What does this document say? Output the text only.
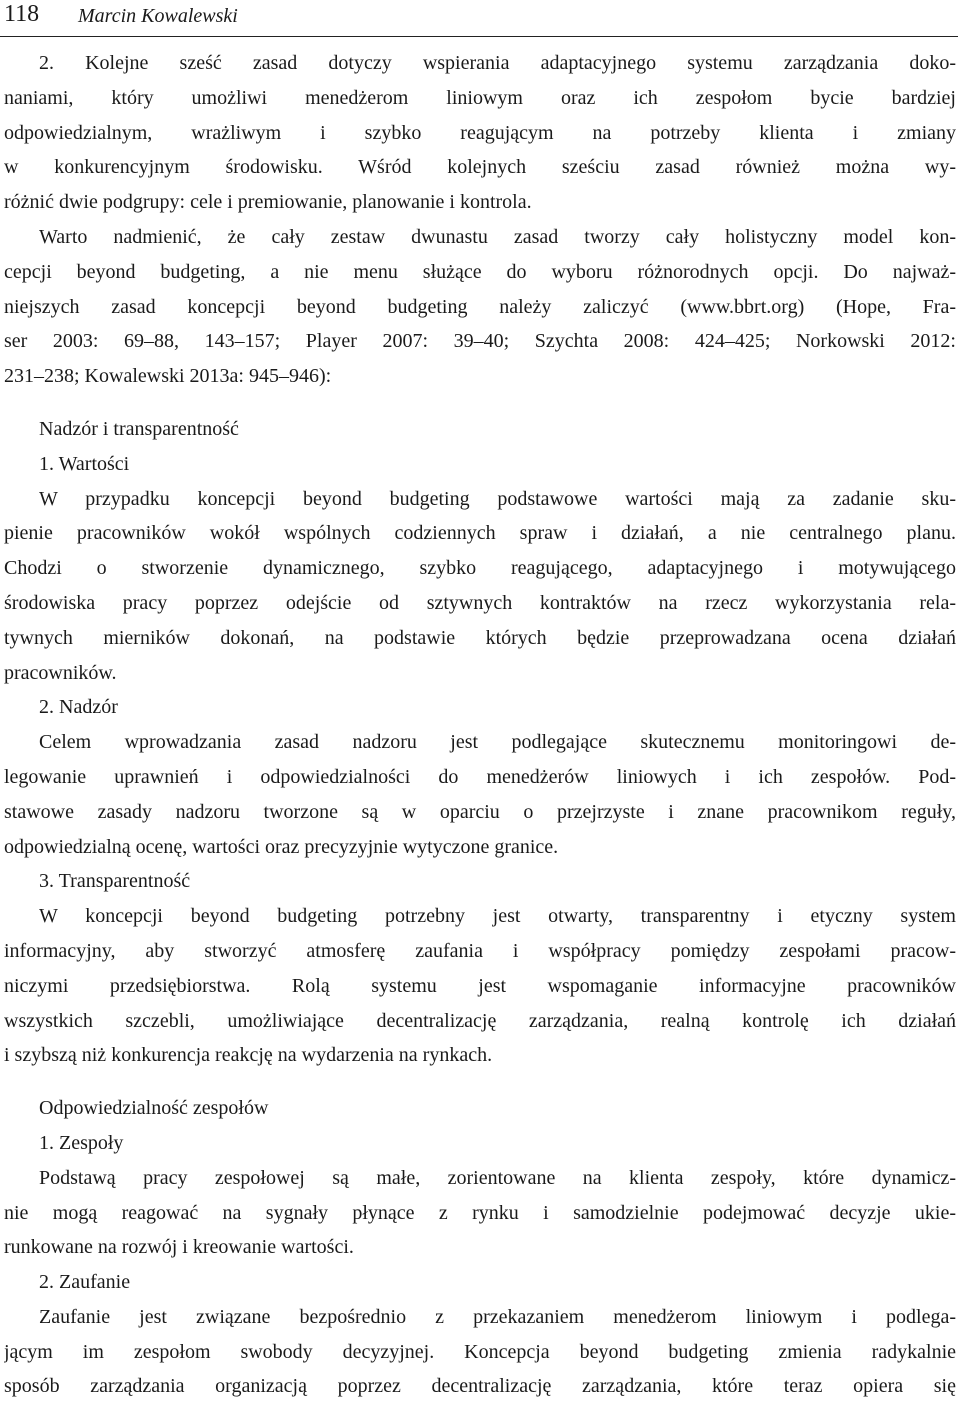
118 Marcin Kowalewski
2. Kolejne sześć zasad dotyczy wspierania adaptacyjnego systemu zarządzania doko-
naniami, który umożliwi menedżerom liniowym oraz ich zespołom bycie bardziej
odpowiedzialnym, wrażliwym i szybko reagującym na potrzeby klienta i zmiany
w konkurencyjnym środowisku. Wśród kolejnych sześciu zasad również można wy-
różnić dwie podgrupy: cele i premiowanie, planowanie i kontrola.
Warto nadmienić, że cały zestaw dwunastu zasad tworzy cały holistyczny model kon-
cepcji beyond budgeting, a nie menu służące do wyboru różnorodnych opcji. Do najważ-
niejszych zasad koncepcji beyond budgeting należy zaliczyć (www.bbrt.org) (Hope, Fra-
ser 2003: 69–88, 143–157; Player 2007: 39–40; Szychta 2008: 424–425; Norkowski 2012:
231–238; Kowalewski 2013a: 945–946):
Nadzór i transparentność
1. Wartości
W przypadku koncepcji beyond budgeting podstawowe wartości mają za zadanie sku-
pienie pracowników wokół wspólnych codziennych spraw i działań, a nie centralnego planu.
Chodzi o stworzenie dynamicznego, szybko reagującego, adaptacyjnego i motywującego
środowiska pracy poprzez odejście od sztywnych kontraktów na rzecz wykorzystania rela-
tywnych mierników dokonań, na podstawie których będzie przeprowadzana ocena działań
pracowników.
2. Nadzór
Celem wprowadzania zasad nadzoru jest podlegające skutecznemu monitoringowi de-
legowanie uprawnień i odpowiedzialności do menedżerów liniowych i ich zespołów. Pod-
stawowe zasady nadzoru tworzone są w oparciu o przejrzyste i znane pracownikom reguły,
odpowiedzialną ocenę, wartości oraz precyzyjnie wytyczone granice.
3. Transparentność
W koncepcji beyond budgeting potrzebny jest otwarty, transparentny i etyczny system
informacyjny, aby stworzyć atmosferę zaufania i współpracy pomiędzy zespołami pracow-
niczymi przedsiębiorstwa. Rolą systemu jest wspomaganie informacyjne pracowników
wszystkich szczebli, umożliwiające decentralizację zarządzania, realną kontrolę ich działań
i szybszą niż konkurencja reakcję na wydarzenia na rynkach.
Odpowiedzialność zespołów
1. Zespoły
Podstawą pracy zespołowej są małe, zorientowane na klienta zespoły, które dynamicz-
nie mogą reagować na sygnały płynące z rynku i samodzielnie podejmować decyzje ukie-
runkowane na rozwój i kreowanie wartości.
2. Zaufanie
Zaufanie jest związane bezpośrednio z przekazaniem menedżerom liniowym i podlega-
jącym im zespołom swobody decyzyjnej. Koncepcja beyond budgeting zmienia radykalnie
sposób zarządzania organizacją poprzez decentralizację zarządzania, które teraz opiera się
